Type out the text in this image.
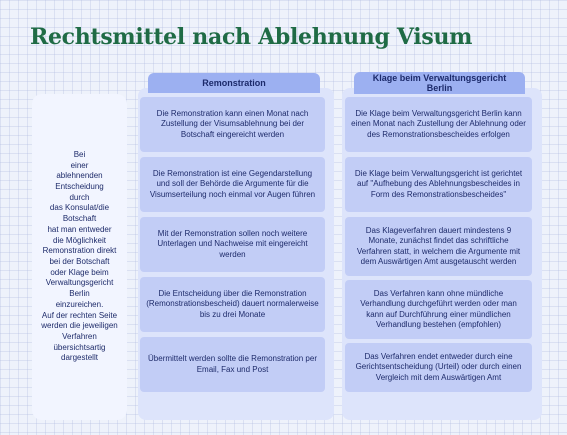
Rechtsmittel nach Ablehnung Visum
Bei
einer
ablehnenden
Entscheidung
durch
das Konsulat/die
Botschaft
hat man entweder
die Möglichkeit
Remonstration direkt
bei der Botschaft
oder Klage beim
Verwaltungsgericht
Berlin
einzureichen.
Auf der rechten Seite
werden die jeweiligen
Verfahren
übersichtsartig
dargestellt
Remonstration
Die Remonstration kann einen Monat nach Zustellung der Visumsablehnung bei der Botschaft eingereicht werden
Die Remonstration ist eine Gegendarstellung und soll der Behörde die Argumente für die Visumserteilung noch einmal vor Augen führen
Mit der Remonstration sollen noch weitere Unterlagen und Nachweise mit eingereicht werden
Die Entscheidung über die Remonstration (Remonstrationsbescheid) dauert normalerweise bis zu drei Monate
Übermittelt werden sollte die Remonstration per Email, Fax und Post
Klage beim Verwaltungsgericht Berlin
Die Klage beim Verwaltungsgericht Berlin kann einen Monat nach Zustellung der Ablehnung oder des Remonstrationsbescheides erfolgen
Die Klage beim Verwaltungsgericht ist gerichtet auf "Aufhebung des Ablehnungsbescheides in Form des Remonstrationsbescheides"
Das Klageverfahren dauert mindestens 9 Monate, zunächst findet das schriftliche Verfahren statt, in welchem die Argumente mit dem Auswärtigen Amt ausgetauscht werden
Das Verfahren kann ohne mündliche Verhandlung durchgeführt werden oder man kann auf Durchführung einer mündlichen Verhandlung bestehen (empfohlen)
Das Verfahren endet entweder durch eine Gerichtsentscheidung (Urteil) oder durch einen Vergleich mit dem Auswärtigen Amt
